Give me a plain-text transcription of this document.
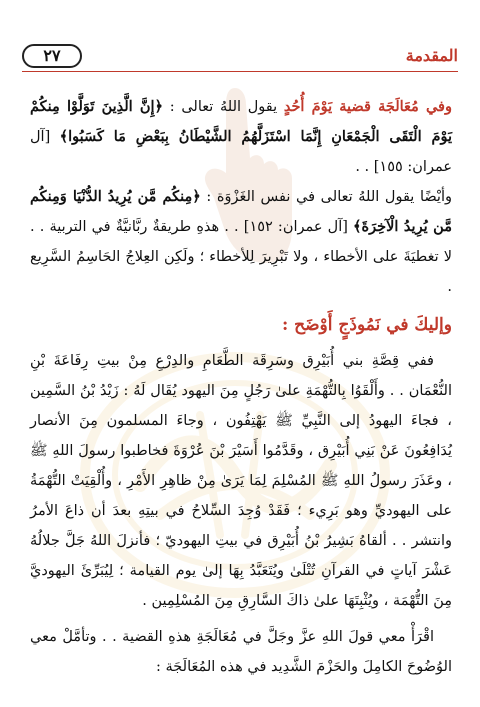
٢٧	المقدمة

وفي مُعَالَجَة قضية يَوْمَ أُحُدٍ يقول اللهُ تعالى : ﴿إِنَّ الَّذِينَ تَوَلَّوْا مِنكُمْ يَوْمَ الْتَقَى الْجَمْعَانِ إِنَّمَا اسْتَزَلَّهُمُ الشَّيْطَانُ بِبَعْضِ مَا كَسَبُوا﴾ [آل عمران: ١٥٥] . .

وأيْضًا يقول اللهُ تعالى في نفس الغَزْوَة : ﴿مِنكُم مَّن يُرِيدُ الدُّنْيَا وَمِنكُم مَّن يُرِيدُ الْآخِرَةَ﴾ [آل عمران: ١٥٢] . . هذهِ طريقةٌ ربَّانيَّةٌ في التربية . . لا تغطيَةَ على الأخطاء ، ولا تَبْرِيرَ لِلأخطاء ؛ ولَكِن العِلاجُ الحَاسِمُ السَّرِيع .

وإليكَ في نَمُوذَجٍ أَوْضَح :

ففي قِصَّةِ بني أُبَيْرِق وسَرِقَة الطَّعَامِ والدِرْعِ مِنْ بيتِ رِفَاعَةَ بْنِ النُّعْمَان . . وأَلْقَوُا بِالتُّهْمَةِ علىٰ رَجُلٍ مِنَ اليهود يُقَال لَهُ : زَيْدُ بْنُ السَّمِين ، فجاءَ اليهودُ إلى النَّبِيِّ ﷺ يَهْتِفُون ، وجاءَ المسلمون مِنَ الأنصار يُدَافِعُونَ عَنْ بَنِي أُبَيْرِق ، وقَدَّمُوا أَسَيْرَ بْنَ عُرْوَةَ فخاطبوا رسولَ اللهِ ﷺ ، وعَذَرَ رسولُ اللهِ ﷺ المُسْلِمَ لِمَا يَرَىٰ مِنْ ظاهِرِ الأَمْرِ ، وأُلْقِيَتْ التُّهْمَةُ على اليهوديِّ وهو بَرِيء ؛ فَقَدْ وُجِدَ السِّلاحُ في بيتِهِ بعدَ أن ذاعَ الأمرُ وانتشر . . ألقاهُ بَشِيرُ بْنُ أُبَيْرِق في بيتِ اليهوديّ ؛ فأنزلَ اللهُ جَلَّ جلالُهُ عَشْرَ آياتٍ في القرآنِ تُتْلَىٰ ويُتَعَبَّدُ بِهَا إلىٰ يوم القيامة ؛ لِيُبَرِّئَ اليهوديَّ مِنَ التُّهْمَة ، ويُثْبِتَهَا علىٰ ذاكَ السَّارِقِ مِنَ المُسْلِمِين .

اقْرَأْ معي قولَ اللهِ عزَّ وجَلَّ في مُعَالَجَةِ هذهِ القضية . . وتأمَّلْ معي الوُضُوحَ الكامِلَ والحَزْمَ الشَّدِيد في هذه المُعَالَجَة :
